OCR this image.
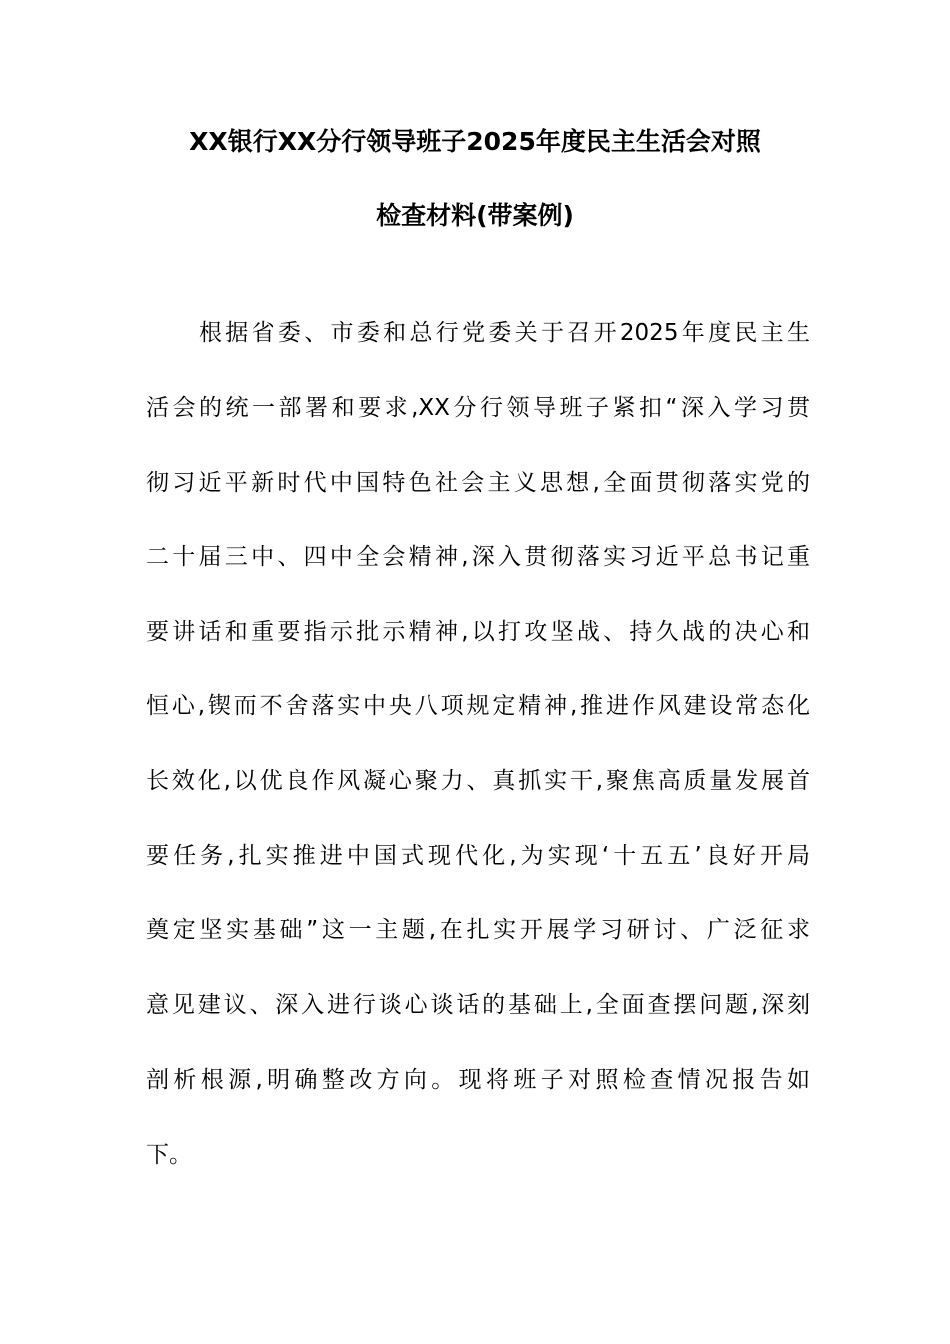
XX银行XX分行领导班子2025年度民主生活会对照
检查材料(带案例)
根据省委、市委和总行党委关于召开2025年度民主生
活会的统一部署和要求,XX分行领导班子紧扣“深入学习贯
彻习近平新时代中国特色社会主义思想,全面贯彻落实党的
二十届三中、四中全会精神,深入贯彻落实习近平总书记重
要讲话和重要指示批示精神,以打攻坚战、持久战的决心和
恒心,锲而不舍落实中央八项规定精神,推进作风建设常态化
长效化,以优良作风凝心聚力、真抓实干,聚焦高质量发展首
要任务,扎实推进中国式现代化,为实现‘十五五’良好开局
奠定坚实基础”这一主题,在扎实开展学习研讨、广泛征求
意见建议、深入进行谈心谈话的基础上,全面查摆问题,深刻
剖析根源,明确整改方向。现将班子对照检查情况报告如
下。
